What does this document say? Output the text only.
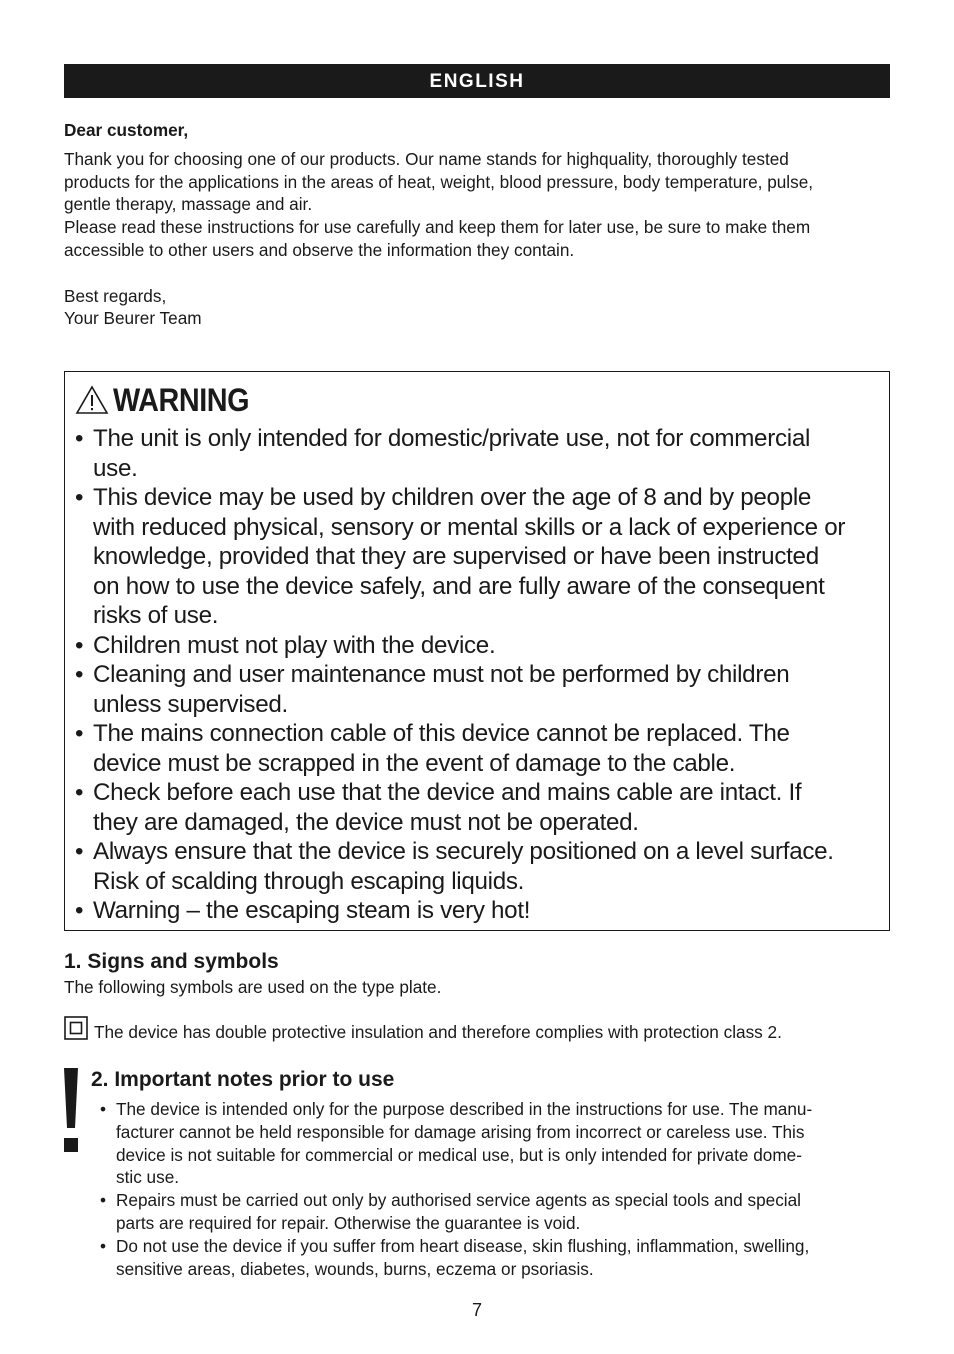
ENGLISH

Dear customer,

Thank you for choosing one of our products. Our name stands for highquality, thoroughly tested

products for the applications in the areas of heat, weight, blood pressure, body temperature, pulse,

gentle therapy, massage and air.

Please read these instructions for use carefully and keep them for later use, be sure to make them

accessible to other users and observe the information they contain.

Best regards,

Your Beurer Team

WARNING
• The unit is only intended for domestic/private use, not for commercial
use.
• This device may be used by children over the age of 8 and by people
with reduced physical, sensory or mental skills or a lack of experience or
knowledge, provided that they are supervised or have been instructed
on how to use the device safely, and are fully aware of the consequent
risks of use.
• Children must not play with the device.
• Cleaning and user maintenance must not be performed by children
unless supervised.
• The mains connection cable of this device cannot be replaced. The
device must be scrapped in the event of damage to the cable.
• Check before each use that the device and mains cable are intact. If
they are damaged, the device must not be operated.
• Always ensure that the device is securely positioned on a level surface.
Risk of scalding through escaping liquids.
• Warning – the escaping steam is very hot!

1. Signs and symbols

The following symbols are used on the type plate.

The device has double protective insulation and therefore complies with protection class 2.

2. Important notes prior to use

• The device is intended only for the purpose described in the instructions for use. The manu-
facturer cannot be held responsible for damage arising from incorrect or careless use. This
device is not suitable for commercial or medical use, but is only intended for private dome-
stic use.
• Repairs must be carried out only by authorised service agents as special tools and special
parts are required for repair. Otherwise the guarantee is void.
• Do not use the device if you suffer from heart disease, skin flushing, inflammation, swelling,
sensitive areas, diabetes, wounds, burns, eczema or psoriasis.
7
